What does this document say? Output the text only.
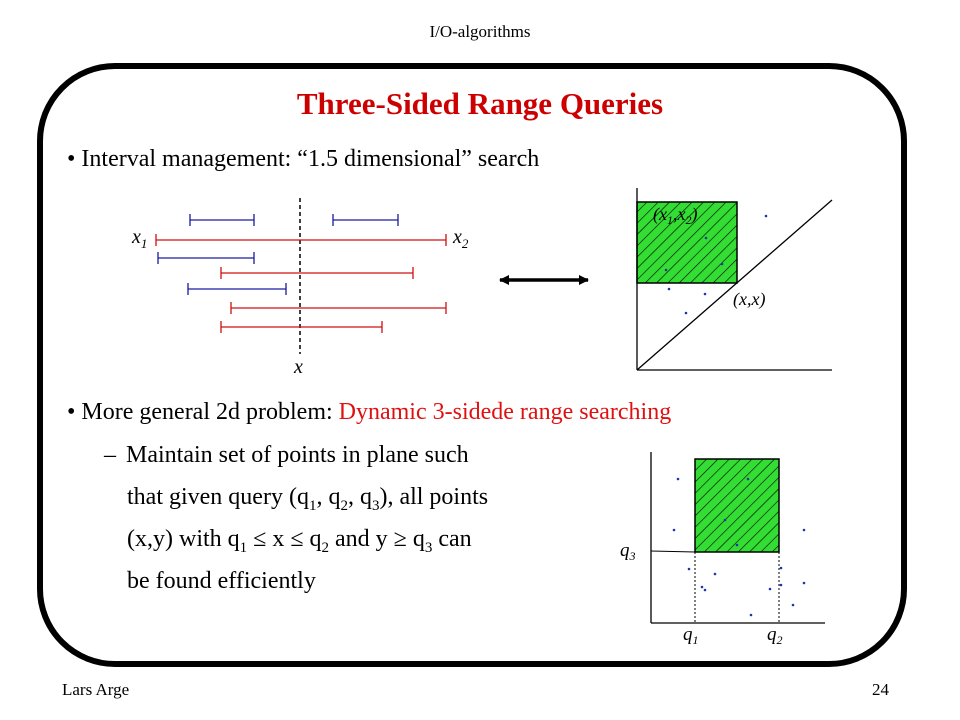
I/O-algorithms
Three-Sided Range Queries
• Interval management: “1.5 dimensional” search
• More general 2d problem: Dynamic 3-sidede range searching
– Maintain set of points in plane such
that given query ($q_1$, $q_2$, $q_3$), all points
(x,y) with $q_1 \le x \le q_2$ and $y \ge q_3$ can
be found efficiently
$x_1$	$x_2$
x
$(x_1,x_2)$
(x,x)
$q_3$
$q_1$	$q_2$
Lars Arge	24
